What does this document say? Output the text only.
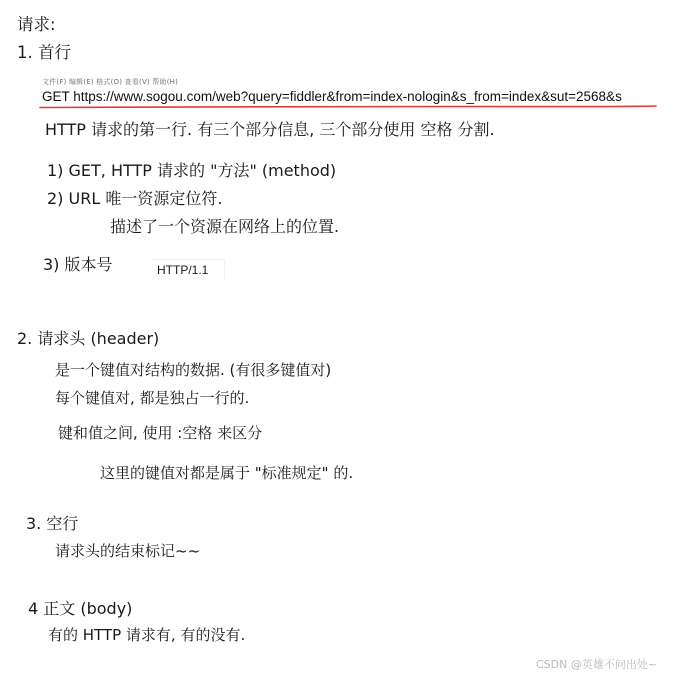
请求:
1. 首行
文件(F) 编辑(E) 格式(O) 查看(V) 帮助(H)
GET https://www.sogou.com/web?query=fiddler&from=index-nologin&s_from=index&sut=2568&s
HTTP 请求的第一行. 有三个部分信息, 三个部分使用 空格 分割.
1) GET, HTTP 请求的 "方法" (method)
2) URL 唯一资源定位符.
描述了一个资源在网络上的位置.
3) 版本号	HTTP/1.1
2. 请求头 (header)
是一个键值对结构的数据. (有很多键值对)
每个键值对, 都是独占一行的.
键和值之间, 使用 :空格 来区分
这里的键值对都是属于 "标准规定" 的.
3. 空行
请求头的结束标记~~
4 正文 (body)
有的 HTTP 请求有, 有的没有.
CSDN @英雄不问出处~
